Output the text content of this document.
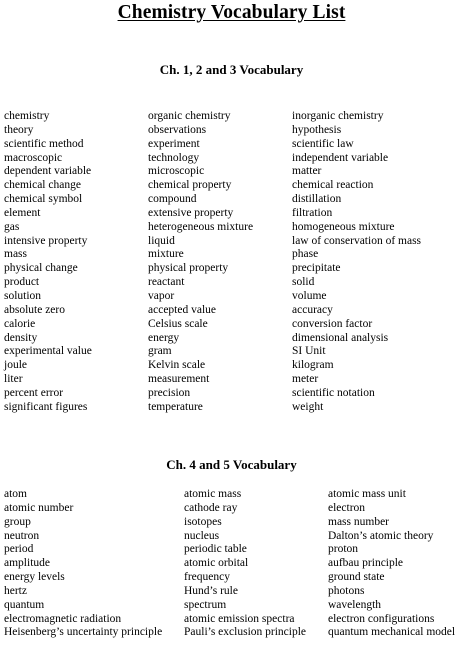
Chemistry Vocabulary List
Ch. 1, 2 and 3 Vocabulary
chemistry
theory
scientific method
macroscopic
dependent variable
chemical change
chemical symbol
element
gas
intensive property
mass
physical change
product
solution
absolute zero
calorie
density
experimental value
joule
liter
percent error
significant figures
organic chemistry
observations
experiment
technology
microscopic
chemical property
compound
extensive property
heterogeneous mixture
liquid
mixture
physical property
reactant
vapor
accepted value
Celsius scale
energy
gram
Kelvin scale
measurement
precision
temperature
inorganic chemistry
hypothesis
scientific law
independent variable
matter
chemical reaction
distillation
filtration
homogeneous mixture
law of conservation of mass
phase
precipitate
solid
volume
accuracy
conversion factor
dimensional analysis
SI Unit
kilogram
meter
scientific notation
weight
Ch. 4 and 5 Vocabulary
atom
atomic number
group
neutron
period
amplitude
energy levels
hertz
quantum
electromagnetic radiation
Heisenberg’s uncertainty principle
atomic mass
cathode ray
isotopes
nucleus
periodic table
atomic orbital
frequency
Hund’s rule
spectrum
atomic emission spectra
Pauli’s exclusion principle
atomic mass unit
electron
mass number
Dalton’s atomic theory
proton
aufbau principle
ground state
photons
wavelength
electron configurations
quantum mechanical model
